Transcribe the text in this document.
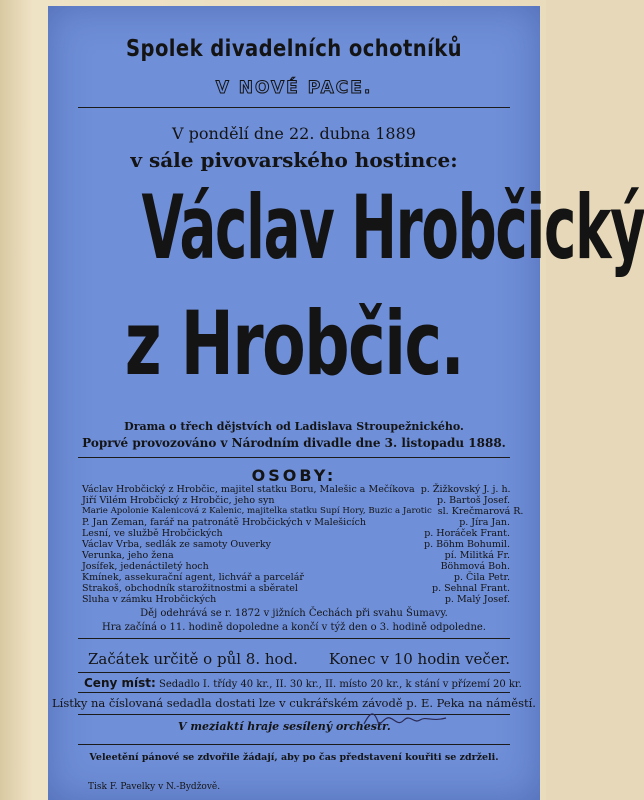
Spolek divadelních ochotníků
V NOVÉ PACE.
V pondělí dne 22. dubna 1889
v sále pivovarského hostince:
Václav Hrobčický
z Hrobčic.
Drama o třech dějstvích od Ladislava Stroupežnického.
Poprvé provozováno v Národním divadle dne 3. listopadu 1888.
OSOBY:
Václav Hrobčický z Hrobčic, majitel statku Boru, Malešic a Mečíkova p. Žižkovský J. j. h.
Jiří Vilém Hrobčický z Hrobčic, jeho syn	p. Bartoš Josef.
Marie Apolonie Kalenicová z Kalenic, majitelka statku Supí Hory, Buzic a Jarotic sl. Krečmarová R.
P. Jan Zeman, farář na patronátě Hrobčických v Malešicích	p. Jíra Jan.
Lesní, ve službě Hrobčických	p. Horáček Frant.
Václav Vrba, sedlák ze samoty Ouverky	p. Böhm Bohumil.
Verunka, jeho žena	pí. Militká Fr.
Josífek, jedenáctiletý hoch	Böhmová Boh.
Kmínek, assekurační agent, lichvář a parcelář	p. Čila Petr.
Strakoš, obchodník starožitnostmi a sběratel	p. Sehnal Frant.
Sluha v zámku Hrobčických	p. Malý Josef.
Děj odehrává se r. 1872 v jižních Čechách při svahu Šumavy.
Hra začíná o 11. hodině dopoledne a končí v týž den o 3. hodině odpoledne.
Začátek určitě o půl 8. hod. Konec v 10 hodin večer.
Ceny míst: Sedadlo I. třídy 40 kr., II. 30 kr., II. místo 20 kr., k stání v přízemí 20 kr.
Lístky na číslovaná sedadla dostati lze v cukrářském závodě p. E. Peka na náměstí.
V meziaktí hraje sesílený orchestr.
Veleetění pánové se zdvořile žádají, aby po čas představení kouřiti se zdrželi.
Tisk F. Pavelky v N.-Bydžově.
